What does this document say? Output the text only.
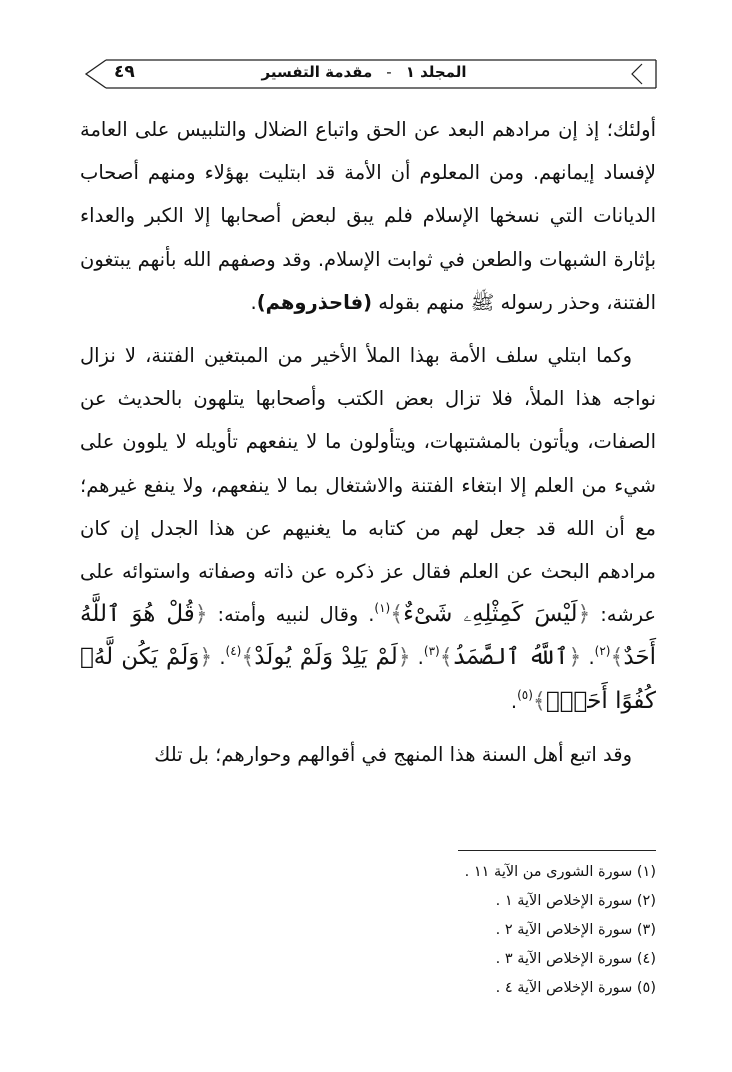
٤٩	المجلد ١-مقدمة التفسير

أولئك؛ إذ إن مرادهم البعد عن الحق واتباع الضلال والتلبيس على العامة لإفساد إيمانهم. ومن المعلوم أن الأمة قد ابتليت بهؤلاء ومنهم أصحاب الديانات التي نسخها الإسلام فلم يبق لبعض أصحابها إلا الكبر والعداء بإثارة الشبهات والطعن في ثوابت الإسلام. وقد وصفهم الله بأنهم يبتغون الفتنة، وحذر رسوله ﷺ منهم بقوله (فاحذروهم).

وكما ابتلي سلف الأمة بهذا الملأ الأخير من المبتغين الفتنة، لا نزال نواجه هذا الملأ، فلا تزال بعض الكتب وأصحابها يتلهون بالحديث عن الصفات، ويأتون بالمشتبهات، ويتأولون ما لا ينفعهم تأويله لا يلوون على شيء من العلم إلا ابتغاء الفتنة والاشتغال بما لا ينفعهم، ولا ينفع غيرهم؛ مع أن الله قد جعل لهم من كتابه ما يغنيهم عن هذا الجدل إن كان مرادهم البحث عن العلم فقال عز ذكره عن ذاته وصفاته واستوائه على عرشه: ﴿لَيْسَ كَمِثْلِهِۦ شَىْءٌ﴾$^{(١)}$. وقال لنبيه وأمته: ﴿قُلْ هُوَ ٱللَّهُ أَحَدٌ﴾$^{(٢)}$. ﴿ٱللَّهُ ٱلصَّمَدُ﴾$^{(٣)}$. ﴿لَمْ يَلِدْ وَلَمْ يُولَدْ﴾$^{(٤)}$. ﴿وَلَمْ يَكُن لَّهُۥ كُفُوًا أَحَدٌۢ﴾$^{(٥)}$.

وقد اتبع أهل السنة هذا المنهج في أقوالهم وحوارهم؛ بل تلك

(١) سورة الشورى من الآية ١١ .
(٢) سورة الإخلاص الآية ١ .
(٣) سورة الإخلاص الآية ٢ .
(٤) سورة الإخلاص الآية ٣ .
(٥) سورة الإخلاص الآية ٤ .
